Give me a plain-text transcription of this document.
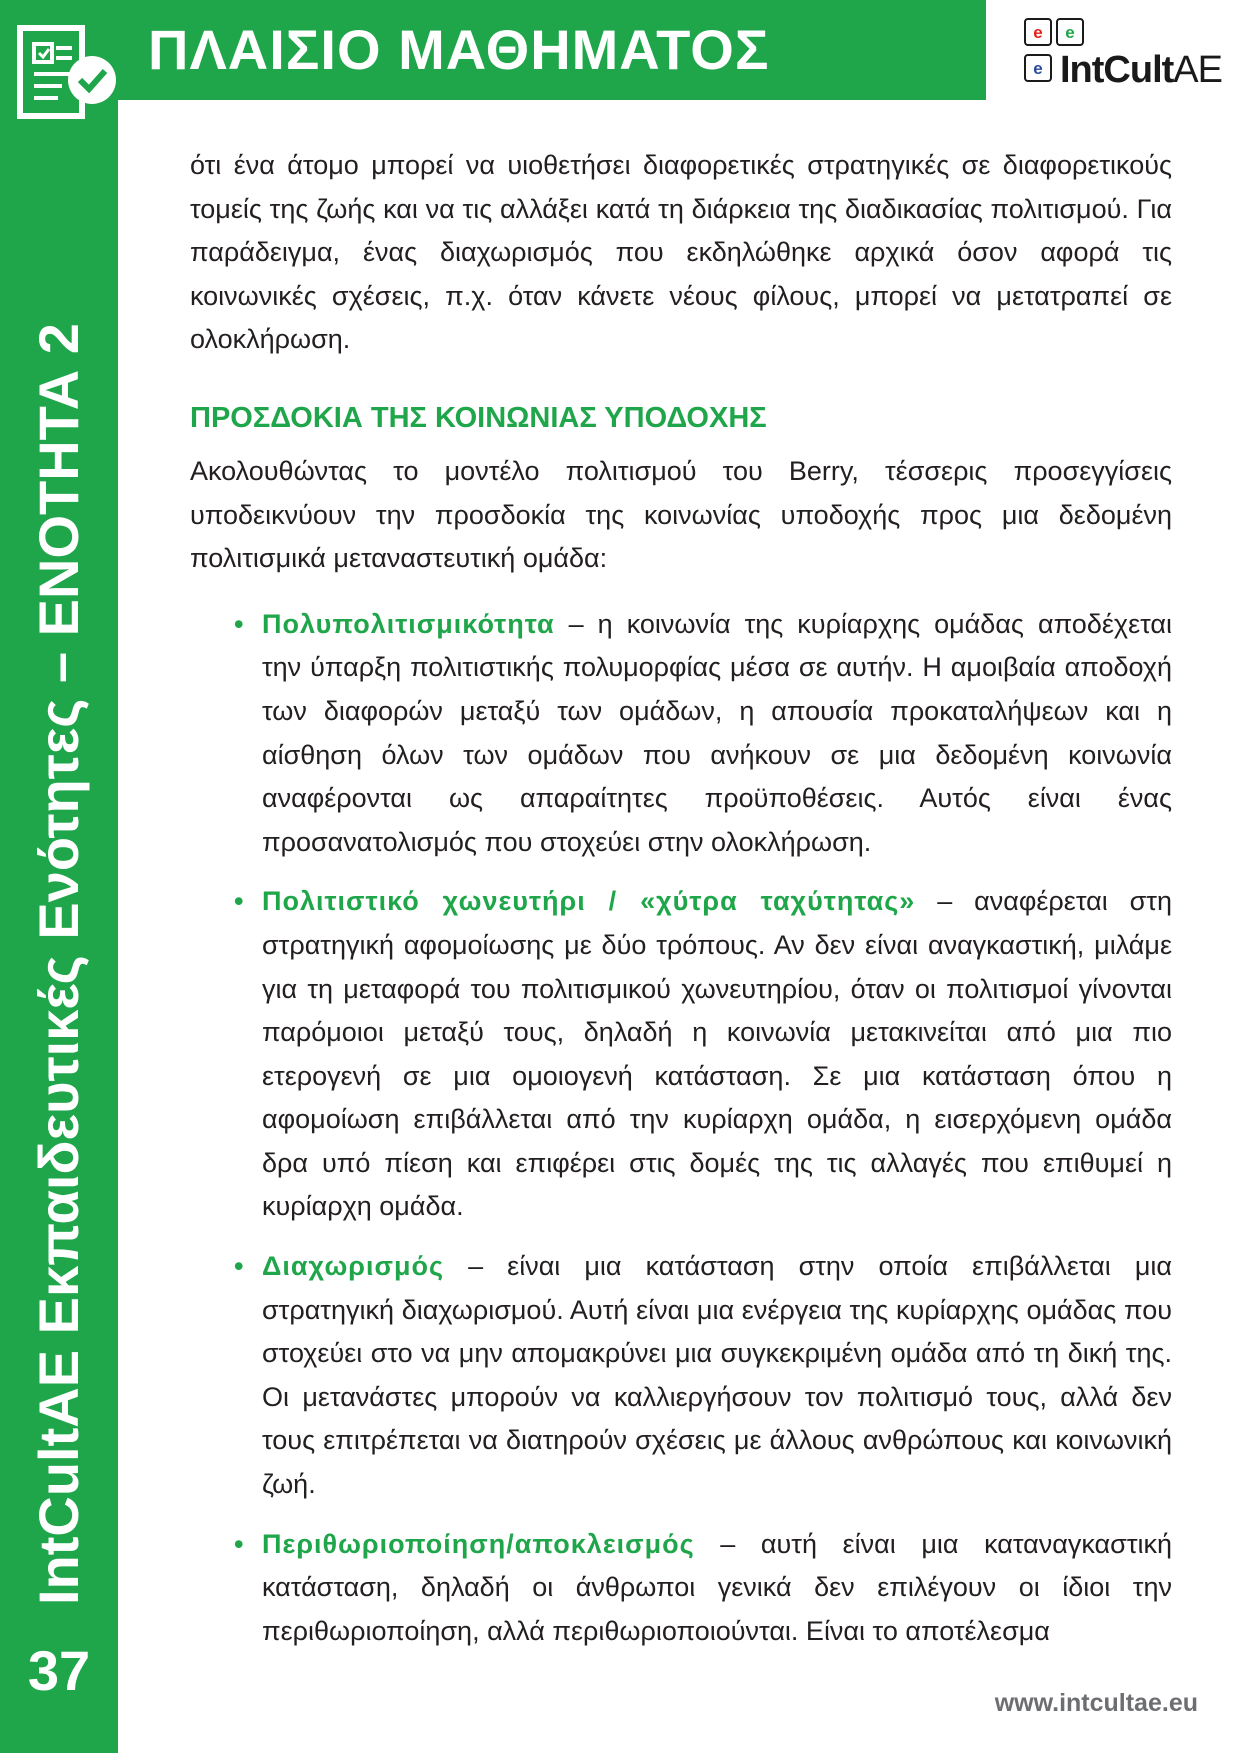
ΠΛΑΙΣΙΟ ΜΑΘΗΜΑΤΟΣ	e	e
e IntCultAE
IntCultAE Εκπαιδευτικές Ενότητες – ΕΝΟΤΗΤΑ 2
37

ότι ένα άτομο μπορεί να υιοθετήσει διαφορετικές στρατηγικές σε διαφορετικούς τομείς της ζωής και να τις αλλάξει κατά τη διάρκεια της διαδικασίας πολιτισμού. Για παράδειγμα, ένας διαχωρισμός που εκδηλώθηκε αρχικά όσον αφορά τις κοινωνικές σχέσεις, π.χ. όταν κάνετε νέους φίλους, μπορεί να μετατραπεί σε ολοκλήρωση.

ΠΡΟΣΔΟΚΙΑ ΤΗΣ ΚΟΙΝΩΝΙΑΣ ΥΠΟΔΟΧΗΣ

Ακολουθώντας το μοντέλο πολιτισμού του Berry, τέσσερις προσεγγίσεις υποδεικνύουν την προσδοκία της κοινωνίας υποδοχής προς μια δεδομένη πολιτισμικά μεταναστευτική ομάδα:

• Πολυπολιτισμικότητα – η κοινωνία της κυρίαρχης ομάδας αποδέχεται την ύπαρξη πολιτιστικής πολυμορφίας μέσα σε αυτήν. Η αμοιβαία αποδοχή των διαφορών μεταξύ των ομάδων, η απουσία προκαταλήψεων και η αίσθηση όλων των ομάδων που ανήκουν σε μια δεδομένη κοινωνία αναφέρονται ως απαραίτητες προϋποθέσεις. Αυτός είναι ένας προσανατολισμός που στοχεύει στην ολοκλήρωση.
• Πολιτιστικό χωνευτήρι / «χύτρα ταχύτητας» – αναφέρεται στη στρατηγική αφομοίωσης με δύο τρόπους. Αν δεν είναι αναγκαστική, μιλάμε για τη μεταφορά του πολιτισμικού χωνευτηρίου, όταν οι πολιτισμοί γίνονται παρόμοιοι μεταξύ τους, δηλαδή η κοινωνία μετακινείται από μια πιο ετερογενή σε μια ομοιογενή κατάσταση. Σε μια κατάσταση όπου η αφομοίωση επιβάλλεται από την κυρίαρχη ομάδα, η εισερχόμενη ομάδα δρα υπό πίεση και επιφέρει στις δομές της τις αλλαγές που επιθυμεί η κυρίαρχη ομάδα.
• Διαχωρισμός – είναι μια κατάσταση στην οποία επιβάλλεται μια στρατηγική διαχωρισμού. Αυτή είναι μια ενέργεια της κυρίαρχης ομάδας που στοχεύει στο να μην απομακρύνει μια συγκεκριμένη ομάδα από τη δική της. Οι μετανάστες μπορούν να καλλιεργήσουν τον πολιτισμό τους, αλλά δεν τους επιτρέπεται να διατηρούν σχέσεις με άλλους ανθρώπους και κοινωνική ζωή.
• Περιθωριοποίηση/αποκλεισμός – αυτή είναι μια καταναγκαστική κατάσταση, δηλαδή οι άνθρωποι γενικά δεν επιλέγουν οι ίδιοι την περιθωριοποίηση, αλλά περιθωριοποιούνται. Είναι το αποτέλεσμα
www.intcultae.eu
